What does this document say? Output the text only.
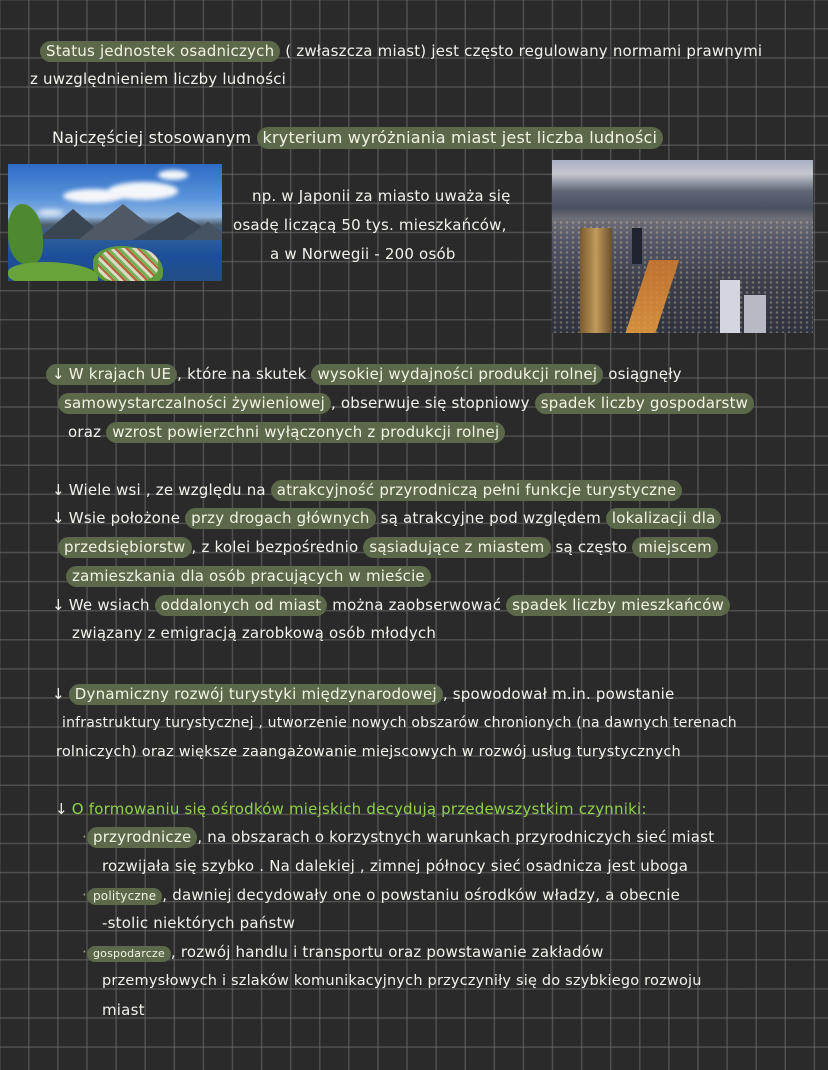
Status jednostek osadniczych ( zwłaszcza miast) jest często regulowany normami prawnymi
z uwzględnieniem liczby ludności
Najczęściej stosowanym kryterium wyróżniania miast jest liczba ludności
np. w Japonii za miasto uważa się
osadę liczącą 50 tys. mieszkańców,
a w Norwegii - 200 osób
↓ W krajach UE , które na skutek wysokiej wydajności produkcji rolnej osiągnęły
samowystarczalności żywieniowej , obserwuje się stopniowy spadek liczby gospodarstw
oraz wzrost powierzchni wyłączonych z produkcji rolnej
↓ Wiele wsi , ze względu na atrakcyjność przyrodniczą pełni funkcje turystyczne
↓ Wsie położone przy drogach głównych są atrakcyjne pod względem lokalizacji dla
przedsiębiorstw , z kolei bezpośrednio sąsiadujące z miastem są często miejscem
zamieszkania dla osób pracujących w mieście
↓ We wsiach oddalonych od miast można zaobserwować spadek liczby mieszkańców
związany z emigracją zarobkową osób młodych
↓ Dynamiczny rozwój turystyki międzynarodowej , spowodował m.in. powstanie
infrastruktury turystycznej , utworzenie nowych obszarów chronionych (na dawnych terenach
rolniczych) oraz większe zaangażowanie miejscowych w rozwój usług turystycznych
↓ O formowaniu się ośrodków miejskich decydują przedewszystkim czynniki:
· przyrodnicze , na obszarach o korzystnych warunkach przyrodniczych sieć miast
rozwijała się szybko . Na dalekiej , zimnej północy sieć osadnicza jest uboga
· polityczne , dawniej decydowały one o powstaniu ośrodków władzy, a obecnie
-stolic niektórych państw
· gospodarcze , rozwój handlu i transportu oraz powstawanie zakładów
przemysłowych i szlaków komunikacyjnych przyczyniły się do szybkiego rozwoju
miast
